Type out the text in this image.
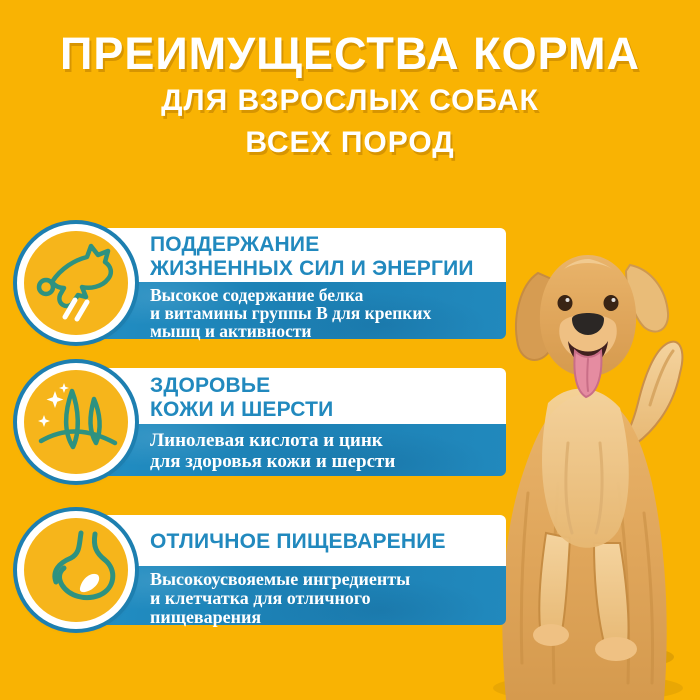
ПРЕИМУЩЕСТВА КОРМА
ДЛЯ ВЗРОСЛЫХ СОБАК
ВСЕХ ПОРОД
ПОДДЕРЖАНИЕ
ЖИЗНЕННЫХ СИЛ И ЭНЕРГИИ
Высокое содержание белка
и витамины группы В для крепких
мышц и активности
ЗДОРОВЬЕ
КОЖИ И ШЕРСТИ
Линолевая кислота и цинк
для здоровья кожи и шерсти
ОТЛИЧНОЕ ПИЩЕВАРЕНИЕ
Высокоусвояемые ингредиенты
и клетчатка для отличного
пищеварения
